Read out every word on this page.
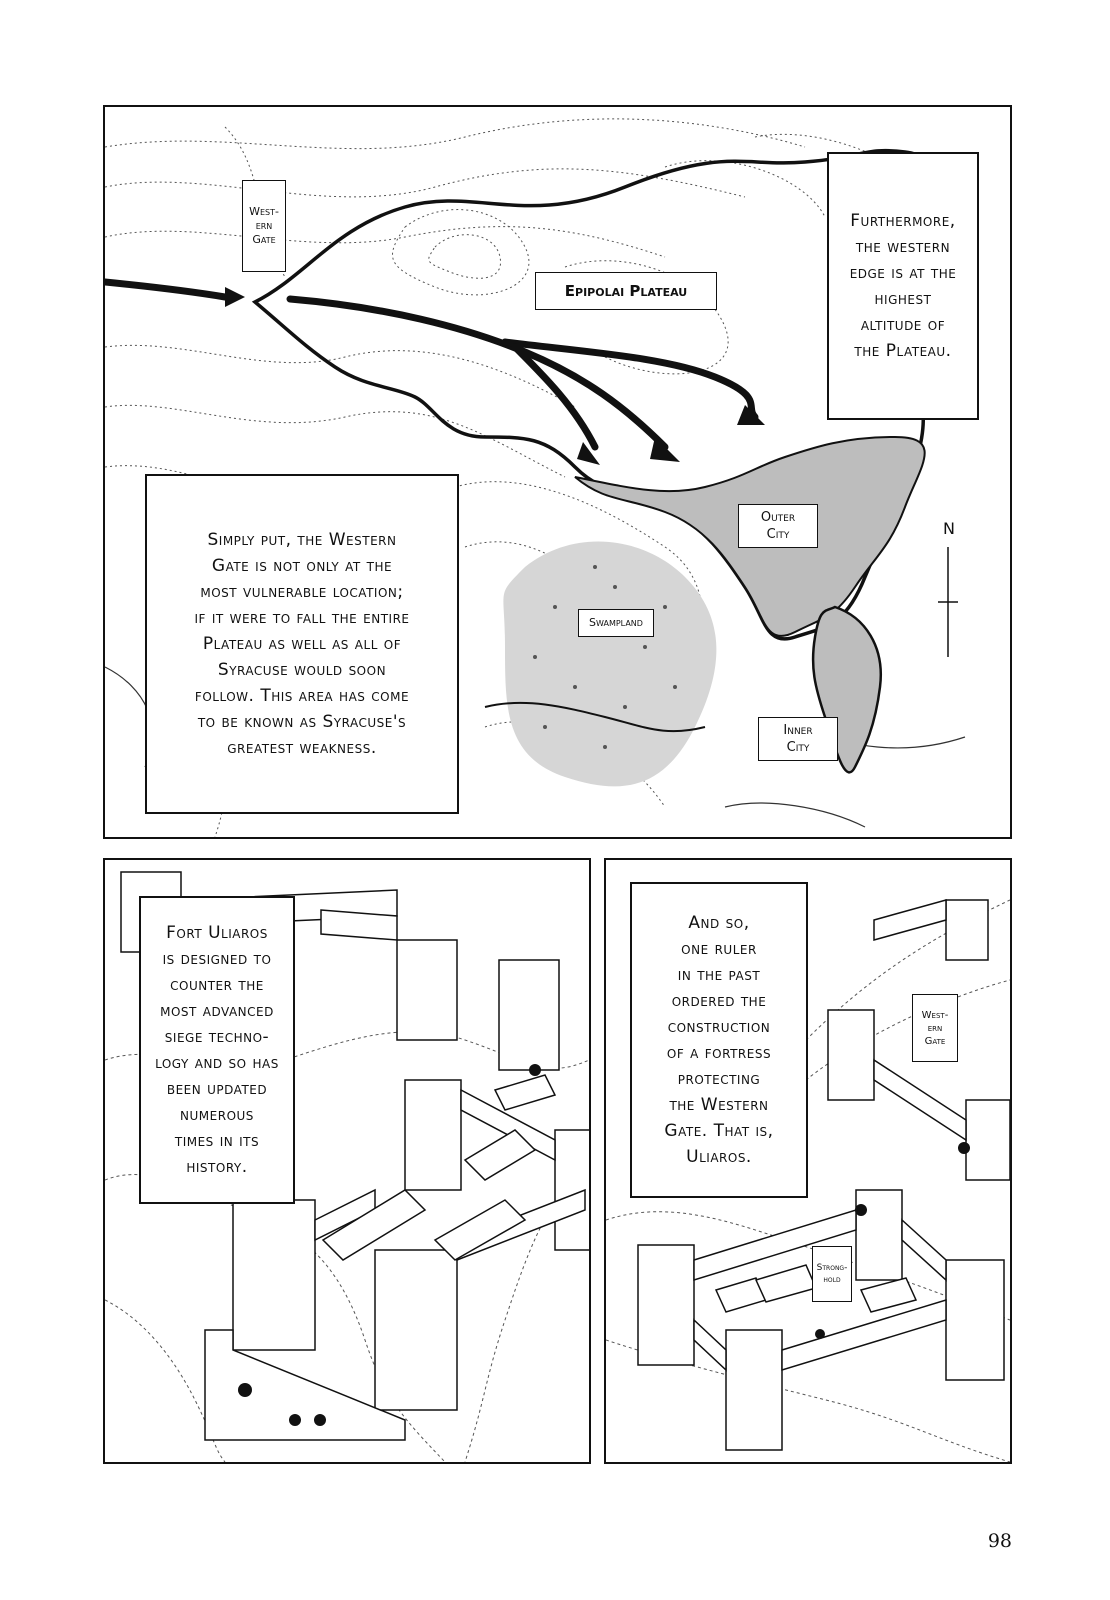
West-
ern
Gate
Epipolai Plateau
Furthermore,
the western
edge is at the
highest
altitude of
the Plateau.
Simply put, the Western
Gate is not only at the
most vulnerable location;
if it were to fall the entire
Plateau as well as all of
Syracuse would soon
follow. This area has come
to be known as Syracuse's
greatest weakness.
Outer
City
Swampland
Inner
City
N
Fort Uliaros
is designed to
counter the
most advanced
siege techno-
logy and so has
been updated
numerous
times in its
history.
And so,
one ruler
in the past
ordered the
construction
of a fortress
protecting
the Western
Gate. That is,
Uliaros.
West-
ern
Gate
Strong-
hold
98
